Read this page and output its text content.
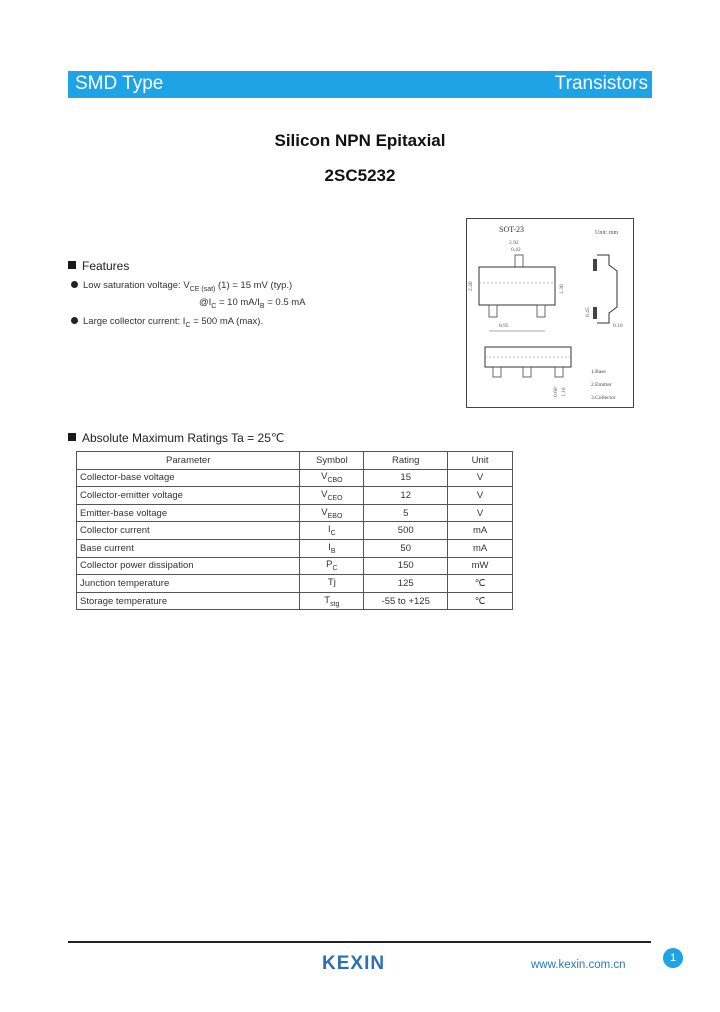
SMD Type	Transistors
Silicon NPN Epitaxial
2SC5232
Features
Low saturation voltage: $V_{CE (sat)}$ (1) = 15 mV (typ.)
$@I_C = 10$ $mA/I_B = 0.5$ mA
Large collector current: $I_C = 500$ mA (max).
SOT-23	Unit: mm
2.92
0.42
2.40	1.30
0.95
0.45
0.10
0.60 1.10
1.Base
2.Emitter
3.Collector
Absolute Maximum Ratings Ta = 25℃
Parameter	Symbol	Rating	Unit
Collector-base voltage	$V_{CBO}$	15	V
Collector-emitter voltage	$V_{CEO}$	12	V
Emitter-base voltage	$V_{EBO}$	5	V
Collector current	$I_C$	500	mA
Base current	$I_B$	50	mA
Collector power dissipation	$P_C$	150	mW
Junction temperature	Tj	125	℃
Storage temperature	$T_{stg}$	-55 to +125	℃
KEXIN	www.kexin.com.cn
1
